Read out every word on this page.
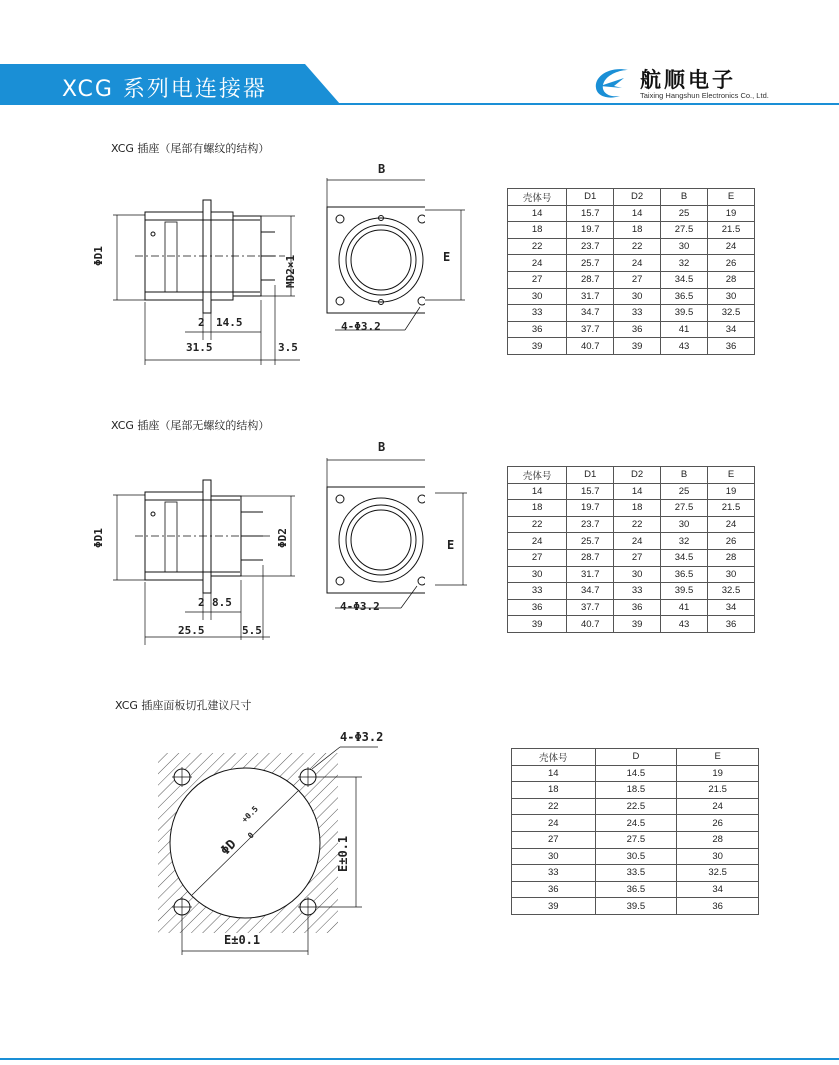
XCG 系列电连接器	航顺电子
Taixing Hangshun Electronics Co., Ltd.
XCG 插座（尾部有螺纹的结构）
B
E
ΦD1	MD2×1
4-Φ3.2
2 14.5
31.5	3.5
壳体号	D1	D2	B	E
14	15.7	14	25	19
18	19.7	18	27.5	21.5
22	23.7	22	30	24
24	25.7	24	32	26
27	28.7	27	34.5	28
30	31.7	30	36.5	30
33	34.7	33	39.5	32.5
36	37.7	36	41	34
39	40.7	39	43	36
XCG 插座（尾部无螺纹的结构）
B
E
ΦD1	ΦD2
4-Φ3.2
2 8.5
25.5	5.5
壳体号	D1	D2	B	E
14	15.7	14	25	19
18	19.7	18	27.5	21.5
22	23.7	22	30	24
24	25.7	24	32	26
27	28.7	27	34.5	28
30	31.7	30	36.5	30
33	34.7	33	39.5	32.5
36	37.7	36	41	34
39	40.7	39	43	36
XCG 插座面板切孔建议尺寸
4-Φ3.2
ΦD
+0.5
0
E±0.1
E±0.1
壳体号	D	E
14	14.5	19
18	18.5	21.5
22	22.5	24
24	24.5	26
27	27.5	28
30	30.5	30
33	33.5	32.5
36	36.5	34
39	39.5	36
